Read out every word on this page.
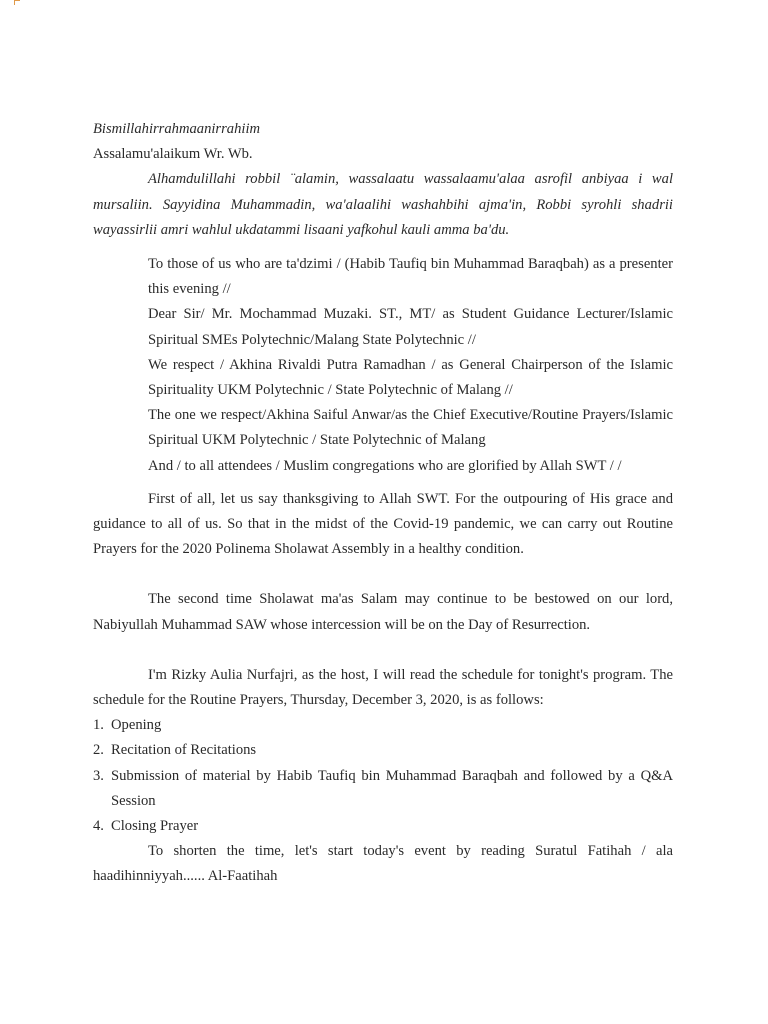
Bismillahirrahmaanirrahiim

Assalamu'alaikum Wr. Wb.

Alhamdulillahi robbil ¨alamin, wassalaatu wassalaamu'alaa asrofil anbiyaa i wal mursaliin. Sayyidina Muhammadin, wa'alaalihi washahbihi ajma'in, Robbi syrohli shadrii wayassirlii amri wahlul ukdatammi lisaani yafkohul kauli amma ba'du.

To those of us who are ta'dzimi / (Habib Taufiq bin Muhammad Baraqbah) as a presenter this evening //

Dear Sir/ Mr. Mochammad Muzaki. ST., MT/ as Student Guidance Lecturer/Islamic Spiritual SMEs Polytechnic/Malang State Polytechnic //

We respect / Akhina Rivaldi Putra Ramadhan / as General Chairperson of the Islamic Spirituality UKM Polytechnic / State Polytechnic of Malang //

The one we respect/Akhina Saiful Anwar/as the Chief Executive/Routine Prayers/Islamic Spiritual UKM Polytechnic / State Polytechnic of Malang

And / to all attendees / Muslim congregations who are glorified by Allah SWT / /

First of all, let us say thanksgiving to Allah SWT. For the outpouring of His grace and guidance to all of us. So that in the midst of the Covid-19 pandemic, we can carry out Routine Prayers for the 2020 Polinema Sholawat Assembly in a healthy condition.

The second time Sholawat ma'as Salam may continue to be bestowed on our lord, Nabiyullah Muhammad SAW whose intercession will be on the Day of Resurrection.

I'm Rizky Aulia Nurfajri, as the host, I will read the schedule for tonight's program. The schedule for the Routine Prayers, Thursday, December 3, 2020, is as follows:

1. Opening
2. Recitation of Recitations
3. Submission of material by Habib Taufiq bin Muhammad Baraqbah and followed by a Q&A Session
4. Closing Prayer

To shorten the time, let's start today's event by reading Suratul Fatihah / ala haadihinniyyah...... Al-Faatihah
